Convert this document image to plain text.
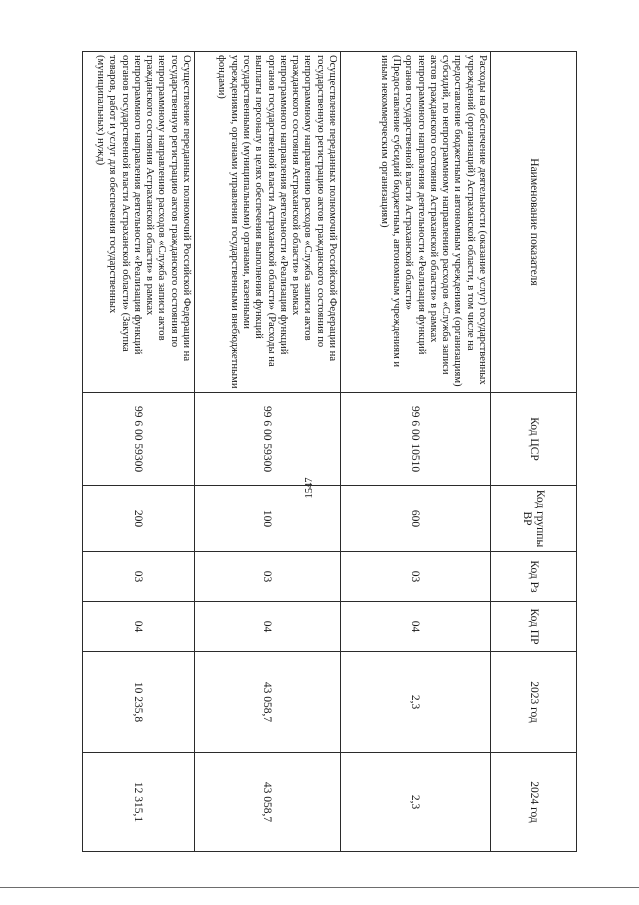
1547
Наименование показателя	Код ЦСР	Код группы ВР	Код Рз	Код ПР	2023 год	2024 год
Расходы на обеспечение деятельности (оказание услуг) государственных учреждений (организаций) Астраханской области, в том числе на предоставление бюджетным и автономным учреждениям (организациям) субсидий, по непрограммному направлению расходов «Служба записи актов гражданского состояния Астраханской области» в рамках непрограммного направления деятельности «Реализация функций органов государственной власти Астраханской области» (Предоставление субсидий бюджетным, автономным учреждениям и иным некоммерческим организациям)	99 6 00 10510	600	03	04	2,3	2,3
Осуществление переданных полномочий Российской Федерации на государственную регистрацию актов гражданского состояния по непрограммному направлению расходов «Служба записи актов гражданского состояния Астраханской области» в рамках непрограммного направления деятельности «Реализация функций органов государственной власти Астраханской области» (Расходы на выплаты персоналу в целях обеспечения выполнения функций государственными (муниципальными) органами, казенными учреждениями, органами управления государственными внебюджетными фондами)	99 6 00 59300	100	03	04	43 058,7	43 058,7
Осуществление переданных полномочий Российской Федерации на государственную регистрацию актов гражданского состояния по непрограммному направлению расходов «Служба записи актов гражданского состояния Астраханской области» в рамках непрограммного направления деятельности «Реализация функций органов государственной власти Астраханской области» (Закупка товаров, работ и услуг для обеспечения государственных (муниципальных) нужд)	99 6 00 59300	200	03	04	10 235,8	12 315,1
